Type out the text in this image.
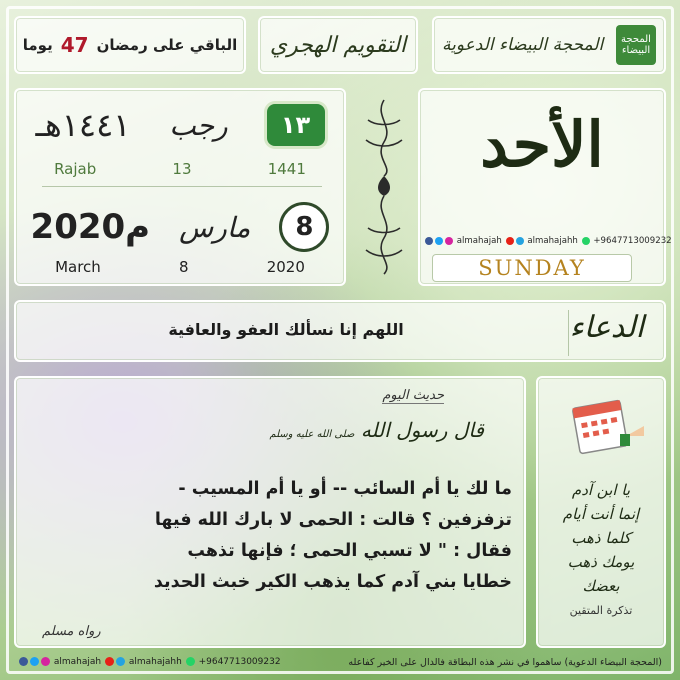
الباقي على رمضان
47
يوما	التقويم الهجري المحجة البيضاء الدعوية	المحجة البيضاء
١٤٤١هـ رجب	١٣
Rajab	13	1441
2020م مارس	8
March	8	2020
الأحد
almahajah	almahajahh +9647713009232
SUNDAY
اللهم إنا نسألك العفو والعافية	الدعاء
حديث اليوم
قال رسول الله صلى الله عليه وسلم
ما لك يا أم السائب -- أو يا أم المسيب -
تزفزفين ؟ قالت : الحمى لا بارك الله فيها
فقال : " لا تسبي الحمى ؛ فإنها تذهب
خطايا بني آدم كما يذهب الكير خبث الحديد
رواه مسلم
يا ابن آدم
إنما أنت أيام
كلما ذهب
يومك ذهب
بعضك
تذكرة المتقين
almahajah	almahajahh +9647713009232	(المحجة البيضاء الدعوية) ساهموا في نشر هذه البطاقة فالدال على الخير كفاعله
